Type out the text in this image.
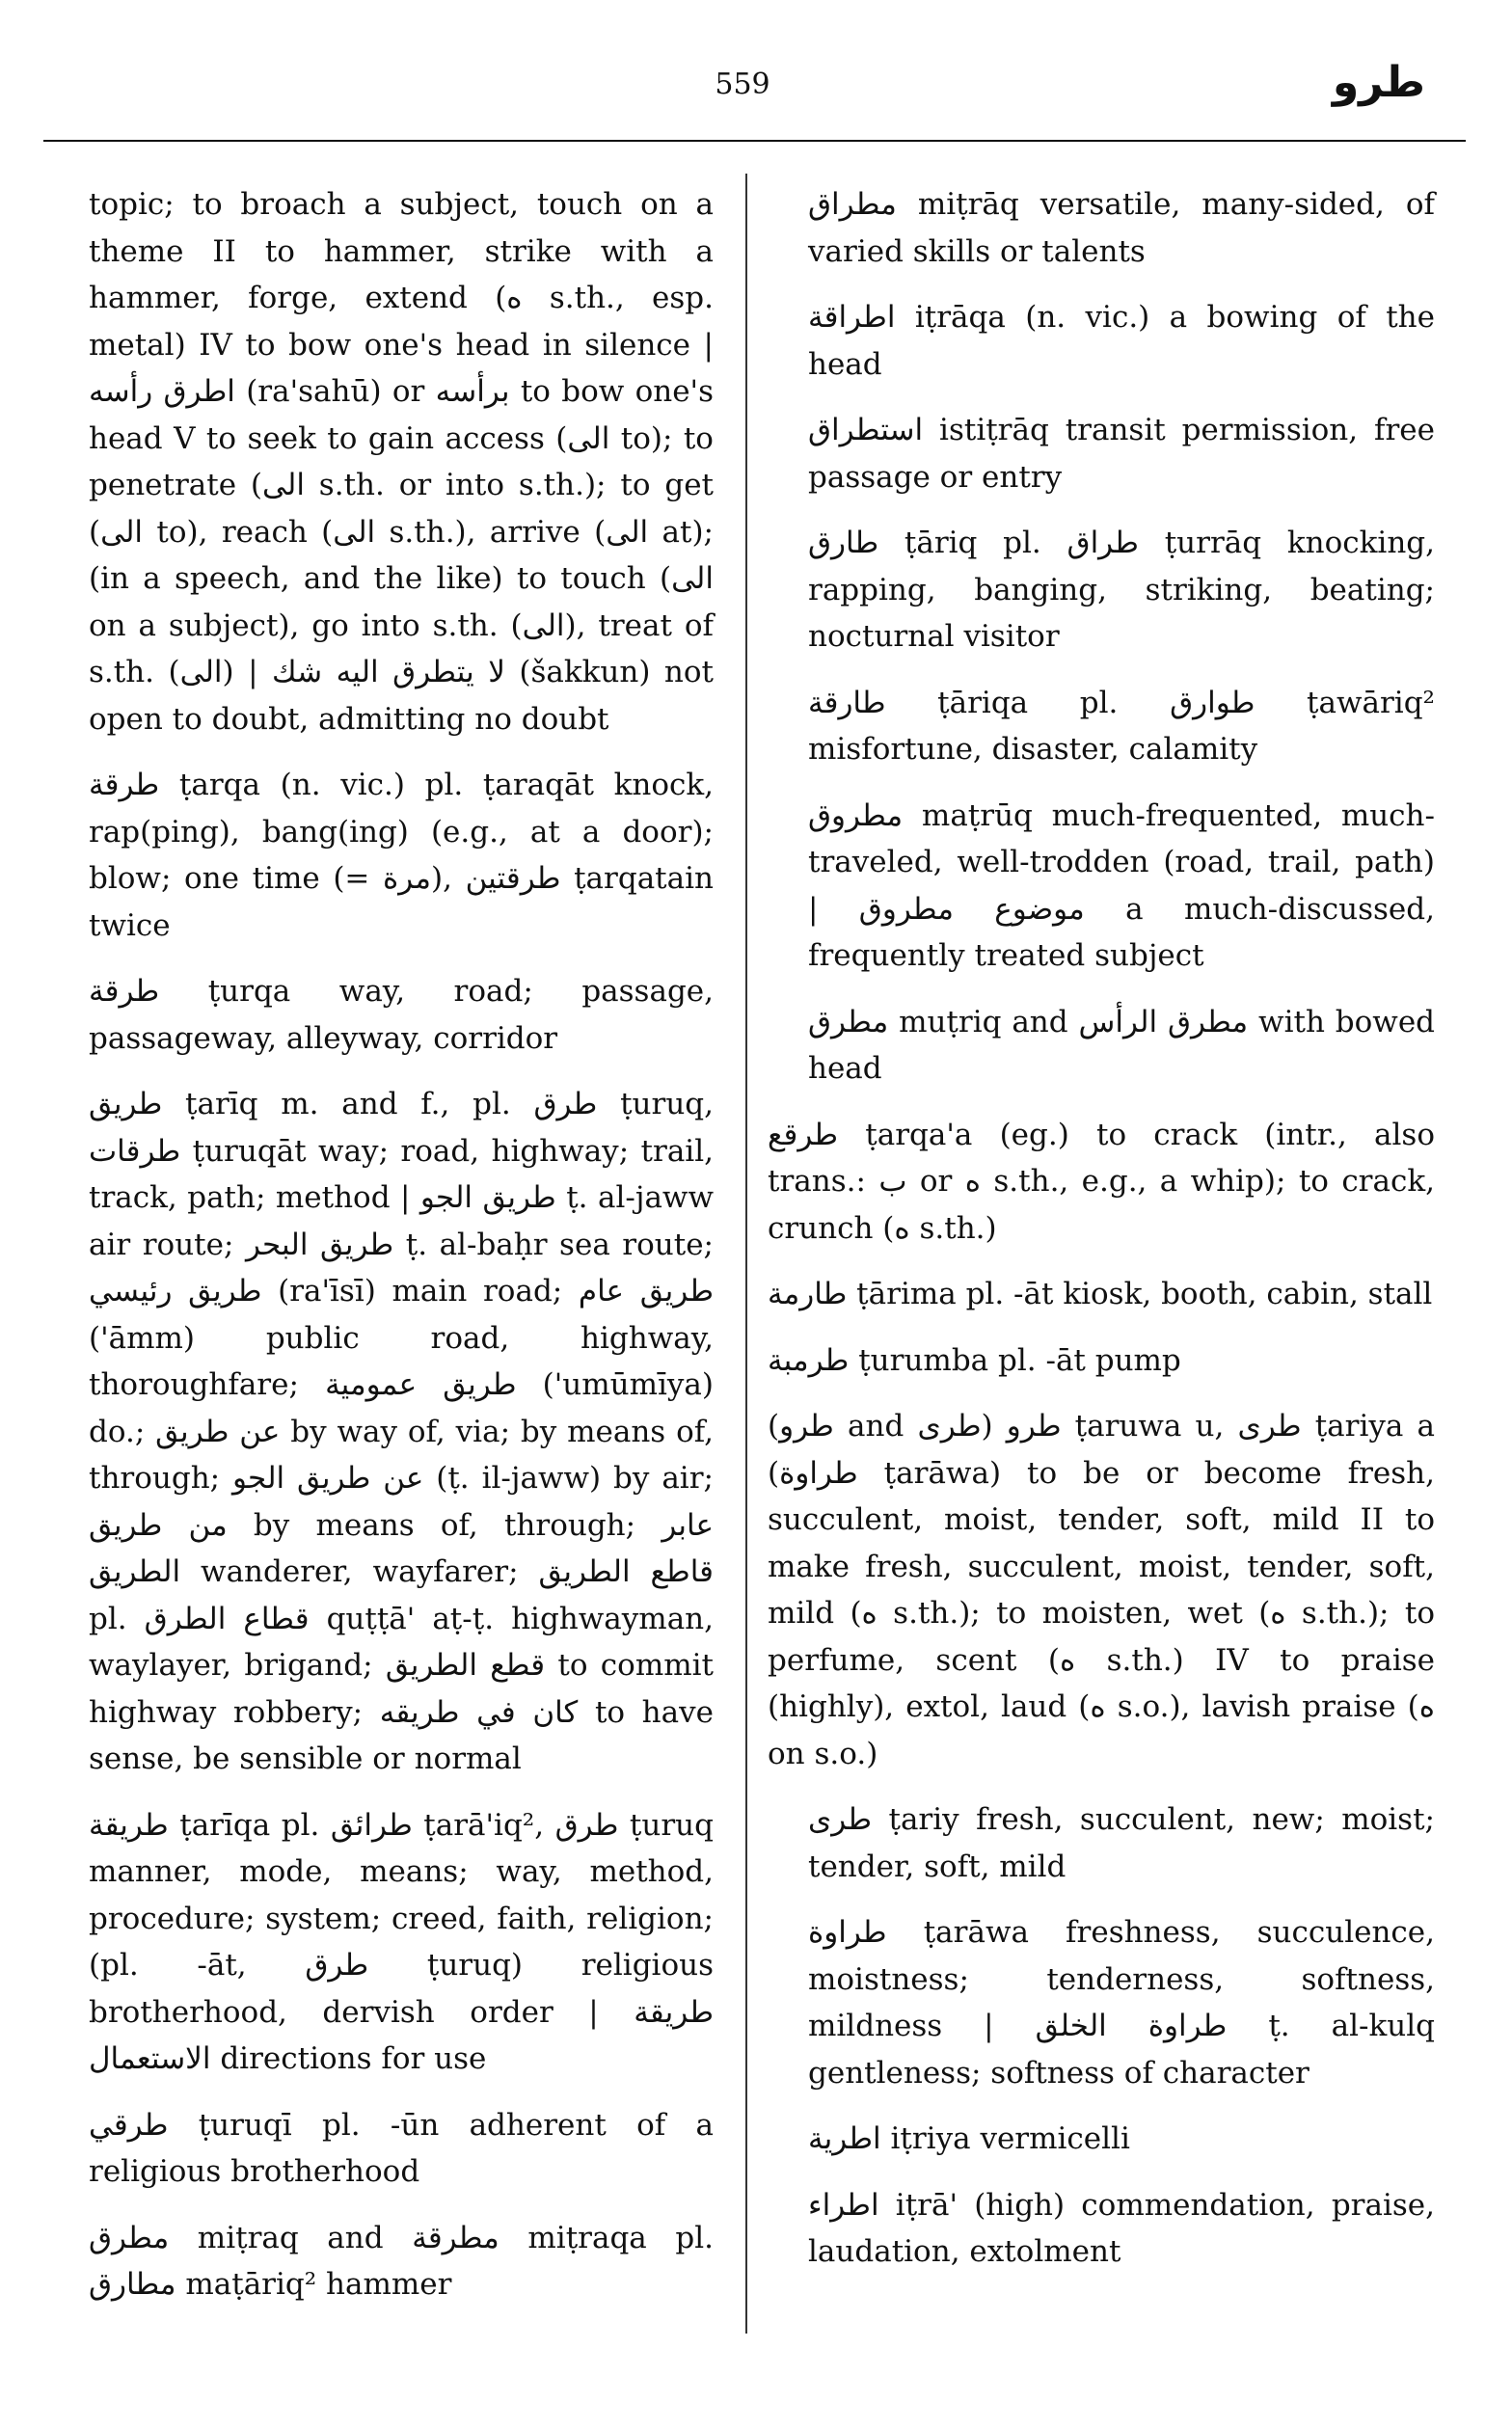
559	طرو

topic; to broach a subject, touch on a theme II to hammer, strike with a hammer, forge, extend (ه s.th., esp. metal) IV to bow one's head in silence | اطرق رأسه (ra'sahū) or برأسه to bow one's head V to seek to gain access (الى to); to penetrate (الى s.th. or into s.th.); to get (الى to), reach (الى s.th.), arrive (الى at); (in a speech, and the like) to touch (الى on a subject), go into s.th. (الى), treat of s.th. (الى) | لا يتطرق اليه شك (šakkun) not open to doubt, admitting no doubt

طرقة ṭarqa (n. vic.) pl. ṭaraqāt knock, rap(ping), bang(ing) (e.g., at a door); blow; one time (= مرة), طرقتين ṭarqatain twice

طرقة ṭurqa way, road; passage, passageway, alleyway, corridor

طريق ṭarīq m. and f., pl. طرق ṭuruq, طرقات ṭuruqāt way; road, highway; trail, track, path; method | طريق الجو ṭ. al-jaww air route; طريق البحر ṭ. al-baḥr sea route; طريق رئيسي (ra'īsī) main road; طريق عام ('āmm) public road, highway, thoroughfare; طريق عمومية ('umūmīya) do.; عن طريق by way of, via; by means of, through; عن طريق الجو (ṭ. il-jaww) by air; من طريق by means of, through; عابر الطريق wanderer, wayfarer; قاطع الطريق pl. قطاع الطرق quṭṭā' aṭ-ṭ. highwayman, waylayer, brigand; قطع الطريق to commit highway robbery; كان في طريقه to have sense, be sensible or normal

طريقة ṭarīqa pl. طرائق ṭarā'iq², طرق ṭuruq manner, mode, means; way, method, procedure; system; creed, faith, religion; (pl. -āt, طرق ṭuruq) religious brotherhood, dervish order | طريقة الاستعمال directions for use

طرقي ṭuruqī pl. -ūn adherent of a religious brotherhood

مطرق miṭraq and مطرقة miṭraqa pl. مطارق maṭāriq² hammer

مطراق miṭrāq versatile, many-sided, of varied skills or talents

اطراقة iṭrāqa (n. vic.) a bowing of the head

استطراق istiṭrāq transit permission, free passage or entry

طارق ṭāriq pl. طراق ṭurrāq knocking, rapping, banging, striking, beating; nocturnal visitor

طارقة ṭāriqa pl. طوارق ṭawāriq² misfortune, disaster, calamity

مطروق maṭrūq much-frequented, much-traveled, well-trodden (road, trail, path) | موضوع مطروق a much-discussed, frequently treated subject

مطرق muṭriq and مطرق الرأس with bowed head

طرقع ṭarqa'a (eg.) to crack (intr., also trans.: ب or ه s.th., e.g., a whip); to crack, crunch (ه s.th.)

طارمة ṭārima pl. -āt kiosk, booth, cabin, stall

طرمبة ṭurumba pl. -āt pump

(طرو and طرى) طرو ṭaruwa u, طرى ṭariya a (طراوة ṭarāwa) to be or become fresh, succulent, moist, tender, soft, mild II to make fresh, succulent, moist, tender, soft, mild (ه s.th.); to moisten, wet (ه s.th.); to perfume, scent (ه s.th.) IV to praise (highly), extol, laud (ه s.o.), lavish praise (ه on s.o.)

طرى ṭariy fresh, succulent, new; moist; tender, soft, mild

طراوة ṭarāwa freshness, succulence, moistness; tenderness, softness, mildness | طراوة الخلق ṭ. al-kulq gentleness; softness of character

اطرية iṭriya vermicelli

اطراء iṭrā' (high) commendation, praise, laudation, extolment
